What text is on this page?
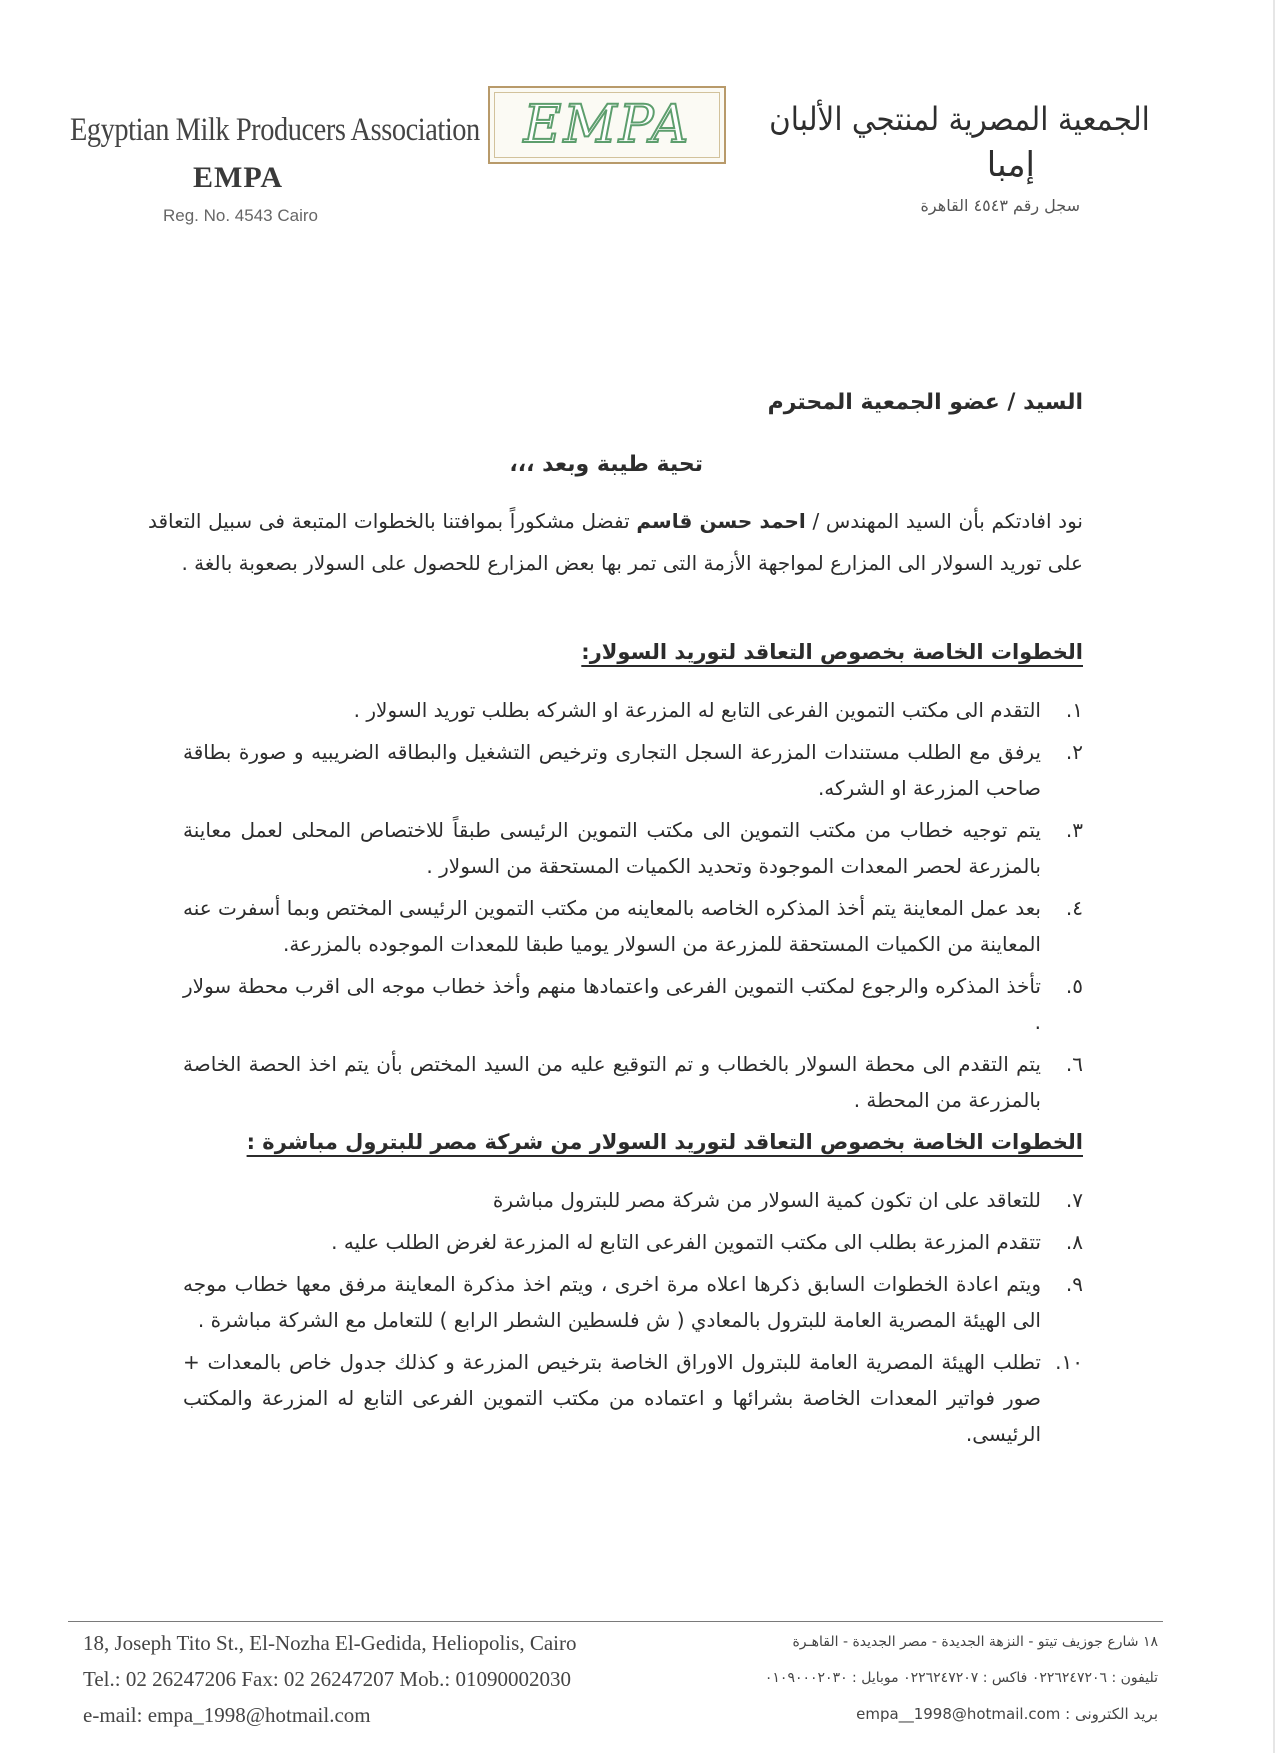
Egyptian Milk Producers Association
EMPA
Reg. No. 4543 Cairo
EMPA الجمعية المصرية لمنتجي الألبان
إمبا
سجل رقم ٤٥٤٣ القاهرة
السيد / عضو الجمعية المحترم
تحية طيبة وبعد ،،،
نود افادتكم بأن السيد المهندس / احمد حسن قاسم تفضل مشكوراً بموافتنا بالخطوات المتبعة فى سبيل التعاقد على توريد السولار الى المزارع لمواجهة الأزمة التى تمر بها بعض المزارع للحصول على السولار بصعوبة بالغة .
الخطوات الخاصة بخصوص التعاقد لتوريد السولار:
١.
التقدم الى مكتب التموين الفرعى التابع له المزرعة او الشركه بطلب توريد السولار .
٢.
يرفق مع الطلب مستندات المزرعة السجل التجارى وترخيص التشغيل والبطاقه الضريبيه و صورة بطاقة صاحب المزرعة او الشركه.
٣.
يتم توجيه خطاب من مكتب التموين الى مكتب التموين الرئيسى طبقاً للاختصاص المحلى لعمل معاينة بالمزرعة لحصر المعدات الموجودة وتحديد الكميات المستحقة من السولار .
٤.
بعد عمل المعاينة يتم أخذ المذكره الخاصه بالمعاينه من مكتب التموين الرئيسى المختص وبما أسفرت عنه المعاينة من الكميات المستحقة للمزرعة من السولار يوميا طبقا للمعدات الموجوده بالمزرعة.
٥.
تأخذ المذكره والرجوع لمكتب التموين الفرعى واعتمادها منهم وأخذ خطاب موجه الى اقرب محطة سولار .
٦.
يتم التقدم الى محطة السولار بالخطاب و تم التوقيع عليه من السيد المختص بأن يتم اخذ الحصة الخاصة بالمزرعة من المحطة .
الخطوات الخاصة بخصوص التعاقد لتوريد السولار من شركة مصر للبترول مباشرة :
٧.
للتعاقد على ان تكون كمية السولار من شركة مصر للبترول مباشرة
٨.
تتقدم المزرعة بطلب الى مكتب التموين الفرعى التابع له المزرعة لغرض الطلب عليه .
٩.
ويتم اعادة الخطوات السابق ذكرها اعلاه مرة اخرى ، ويتم اخذ مذكرة المعاينة مرفق معها خطاب موجه الى الهيئة المصرية العامة للبترول بالمعادي ( ش فلسطين الشطر الرابع ) للتعامل مع الشركة مباشرة .
١٠.
تطلب الهيئة المصرية العامة للبترول الاوراق الخاصة بترخيص المزرعة و كذلك جدول خاص بالمعدات + صور فواتير المعدات الخاصة بشرائها و اعتماده من مكتب التموين الفرعى التابع له المزرعة والمكتب الرئيسى.
18, Joseph Tito St., El-Nozha El-Gedida, Heliopolis, Cairo
Tel.: 02 26247206 Fax: 02 26247207 Mob.: 01090002030
e-mail: empa_1998@hotmail.com
١٨ شارع جوزيف تيتو - النزهة الجديدة - مصر الجديدة - القاهـرة
تليفون : ٠٢٢٦٢٤٧٢٠٦ فاكس : ٠٢٢٦٢٤٧٢٠٧ موبايل : ٠١٠٩٠٠٠٢٠٣٠
بريد الكترونى : empa__1998@hotmail.com
